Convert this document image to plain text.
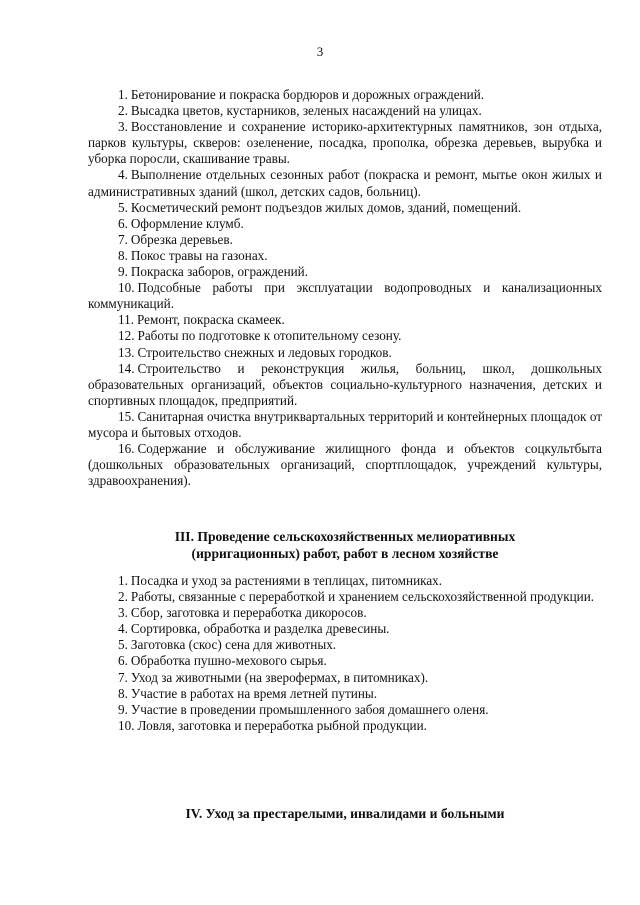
3

1. Бетонирование и покраска бордюров и дорожных ограждений.

2. Высадка цветов, кустарников, зеленых насаждений на улицах.

3. Восстановление и сохранение историко-архитектурных памятников, зон отдыха, парков культуры, скверов: озеленение, посадка, прополка, обрезка деревьев, вырубка и уборка поросли, скашивание травы.

4. Выполнение отдельных сезонных работ (покраска и ремонт, мытье окон жилых и административных зданий (школ, детских садов, больниц).

5. Косметический ремонт подъездов жилых домов, зданий, помещений.

6. Оформление клумб.

7. Обрезка деревьев.

8. Покос травы на газонах.

9. Покраска заборов, ограждений.

10. Подсобные работы при эксплуатации водопроводных и канализационных коммуникаций.

11. Ремонт, покраска скамеек.

12. Работы по подготовке к отопительному сезону.

13. Строительство снежных и ледовых городков.

14. Строительство и реконструкция жилья, больниц, школ, дошкольных образовательных организаций, объектов социально-культурного назначения, детских и спортивных площадок, предприятий.

15. Санитарная очистка внутриквартальных территорий и контейнерных площадок от мусора и бытовых отходов.

16. Содержание и обслуживание жилищного фонда и объектов соцкультбыта (дошкольных образовательных организаций, спортплощадок, учреждений культуры, здравоохранения).

III. Проведение сельскохозяйственных мелиоративных
(ирригационных) работ, работ в лесном хозяйстве

1. Посадка и уход за растениями в теплицах, питомниках.

2. Работы, связанные с переработкой и хранением сельскохозяйственной продукции.

3. Сбор, заготовка и переработка дикоросов.

4. Сортировка, обработка и разделка древесины.

5. Заготовка (скос) сена для животных.

6. Обработка пушно-мехового сырья.

7. Уход за животными (на зверофермах, в питомниках).

8. Участие в работах на время летней путины.

9. Участие в проведении промышленного забоя домашнего оленя.

10. Ловля, заготовка и переработка рыбной продукции.

IV. Уход за престарелыми, инвалидами и больными
